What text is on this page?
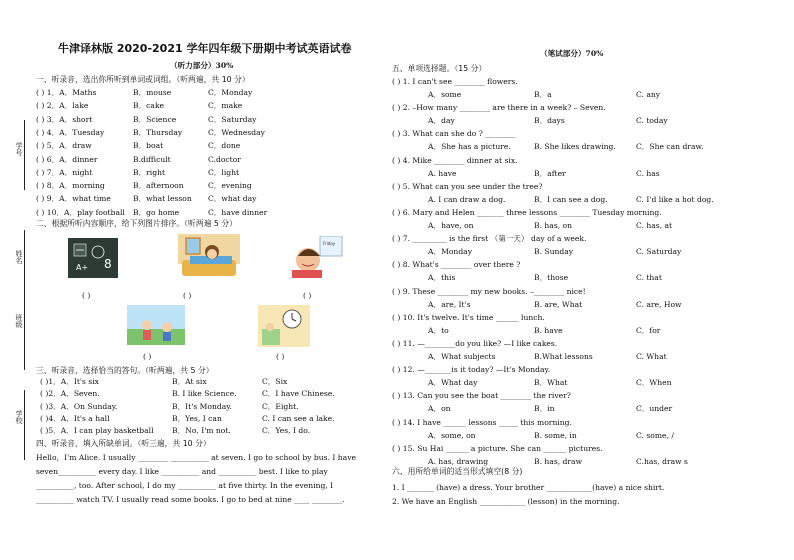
学号
姓名
班级
学校
牛津译林版 2020-2021 学年四年级下册期中考试英语试卷
（听力部分）30%
（笔试部分）70%
一、听录音，选出你所听到单词或词组。（听两遍，共 10 分）
( ) 1．A．Maths	B．mouse	C．Monday
( ) 2．A．lake	B．cake	C．make
( ) 3．A．short	B．Science	C．Saturday
( ) 4．A．Tuesday	B．Thursday	C．Wednesday
( ) 5．A．draw	B．boat	C．done
( ) 6．A．dinner	B.difficult	C.doctor
( ) 7．A．night	B．right	C．light
( ) 8．A．morning	B．afternoon	C．evening
( ) 9．A．what time	B．what lesson C．what day
( ) 10．A．play football B．go home	C．have dinner
二、根据所听内容顺序，给下列图片排序。（听两遍 5 分）
8
A+
Friday
( )	( )	( )
( )	( )
三、听录音，选择恰当的答句。（听两遍，共 5 分）
( )1．A．It's six	B．At six	C．Six
( )2．A．Seven.	B. I like Science.	C．I have Chinese.
( )3．A．On Sunday.	B．It's Monday.	C．Eight.
( )4．A．It's a hall	B．Yes, I can	C. I can see a lake.
( )5．A．I can play basketball B．No, I'm not.	C．Yes, I do.
四、听录音，填入所缺单词。（听三遍，共 10 分）
Hello，I'm Alice. I usually ________ __________ at seven. I go to school by bus. I have
seven__________ every day. I like __________ and __________ best. I like to play
__________, too. After school, I do my __________ at five thirty. In the evening, I
__________ watch TV. I usually read some books. I go to bed at nine ____ ________.
五、单项选择题。（15 分）
( ) 1. I can't see ________ flowers.
A．some	B．a	C. any
( ) 2. –How many ________ are there in a week? – Seven.
A．day	B．days	C. today
( ) 3. What can she do ? ________
A．She has a picture.	B. She likes drawing.	C．She can draw.
( ) 4. Mike ________ dinner at six.
A. have	B．after	C. has
( ) 5. What can you see under the tree?
A. I can draw a dog.	B．I can see a dog.	C. I'd like a hot dog.
( ) 6. Mary and Helen _______ three lessons ________ Tuesday morning.
A．have, on	B. has, on	C. has, at
( ) 7. _________ is the first （第一天） day of a week.
A．Monday	B. Sunday	C. Saturday
( ) 8. What's ________ over there ?
A．this	B．those	C. that
( ) 9. These ________ my new books. –________ nice!
A．are, It's	B. are, What	C. are, How
( ) 10. It's twelve. It's time ______ lunch.
A．to	B. have	C．for
( ) 11. —________do you like? —I like cakes.
A．What subjects	B.What lessons	C. What
( ) 12. —_______is it today? —It's Monday.
A．What day	B．What	C．When
( ) 13. Can you see the boat ________ the river?
A．on	B．in	C．under
( ) 14. I have ______ lessons _____ this morning.
A．some, on	B. some, in	C. some, /
( ) 15. Su Hai ______ a picture. She can ______ pictures.
A. has, drawing	B. has, draw	C.has, draw s
六、用所给单词的适当形式填空(8 分)
1. I _______ (have) a dress. Your brother ____________(have) a nice shirt.
2. We have an English ____________ (lesson) in the morning.
